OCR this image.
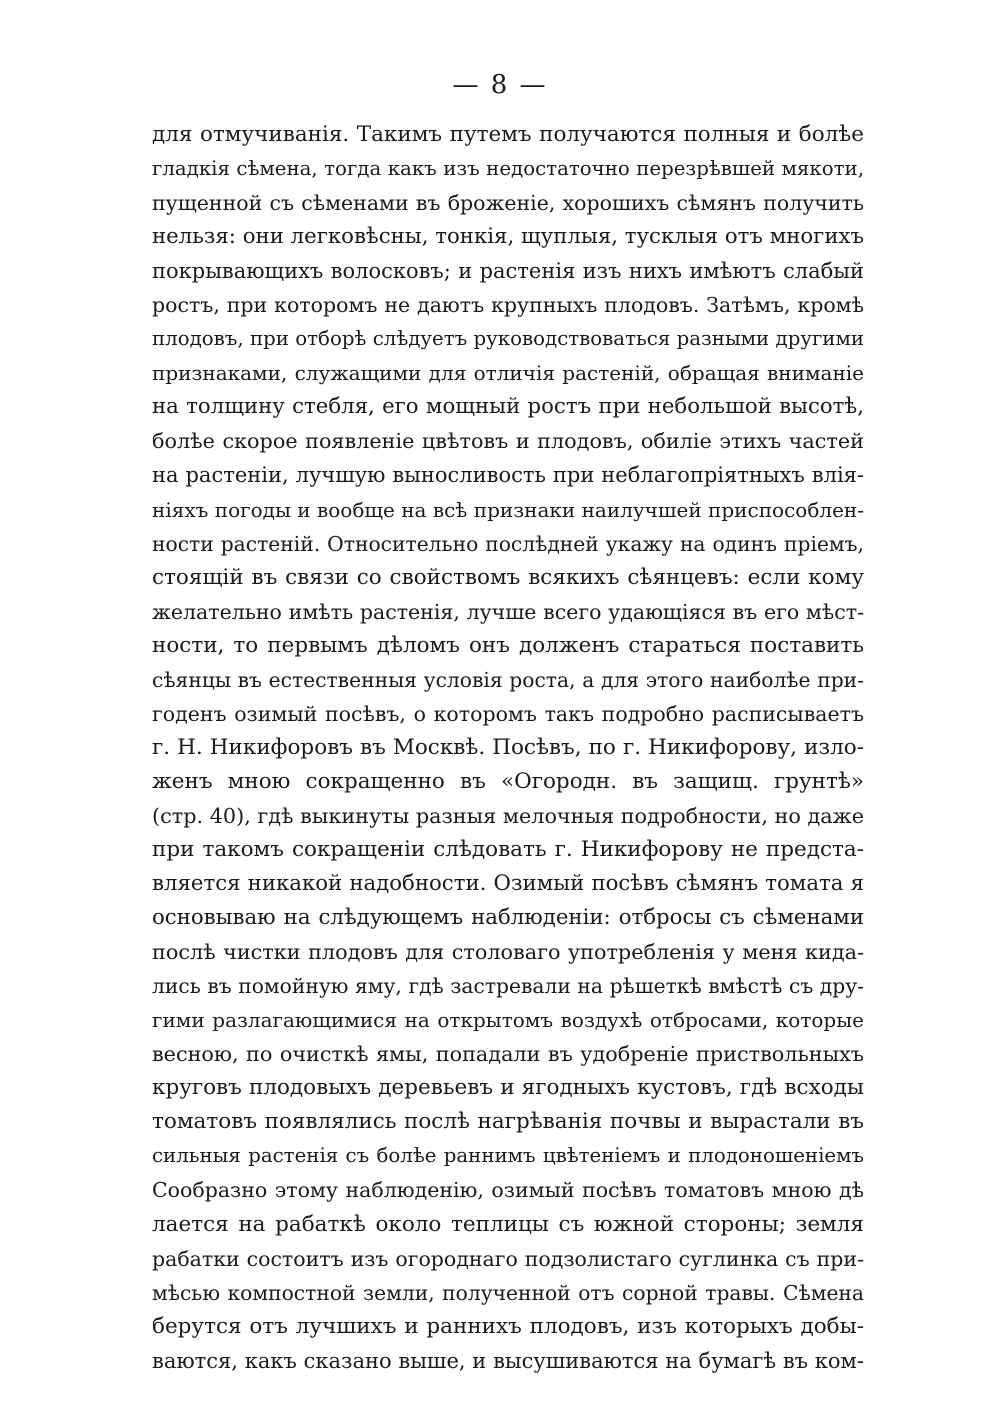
— 8 —
для отмучиванія. Такимъ путемъ получаются полныя и болѣе
гладкія сѣмена, тогда какъ изъ недостаточно перезрѣвшей мякоти,
пущенной съ сѣменами въ броженіе, хорошихъ сѣмянъ получить
нельзя: они легковѣсны, тонкія, щуплыя, тусклыя отъ многихъ
покрывающихъ волосковъ; и растенія изъ нихъ имѣютъ слабый
ростъ, при которомъ не даютъ крупныхъ плодовъ. Затѣмъ, кромѣ
плодовъ, при отборѣ слѣдуетъ руководствоваться разными другими
признаками, служащими для отличія растеній, обращая вниманіе
на толщину стебля, его мощный ростъ при небольшой высотѣ,
болѣе скорое появленіе цвѣтовъ и плодовъ, обиліе этихъ частей
на растеніи, лучшую выносливость при неблагопріятныхъ влія-
ніяхъ погоды и вообще на всѣ признаки наилучшей приспособлен-
ности растеній. Относительно послѣдней укажу на одинъ пріемъ,
стоящій въ связи со свойствомъ всякихъ сѣянцевъ: если кому
желательно имѣть растенія, лучше всего удающіяся въ его мѣст-
ности, то первымъ дѣломъ онъ долженъ стараться поставить
сѣянцы въ естественныя условія роста, а для этого наиболѣе при-
годенъ озимый посѣвъ, о которомъ такъ подробно расписываетъ
г. Н. Никифоровъ въ Москвѣ. Посѣвъ, по г. Никифорову, изло-
женъ мною сокращенно въ «Огородн. въ защищ. грунтѣ»
(стр. 40), гдѣ выкинуты разныя мелочныя подробности, но даже
при такомъ сокращеніи слѣдовать г. Никифорову не предста-
вляется никакой надобности. Озимый посѣвъ сѣмянъ томата я
основываю на слѣдующемъ наблюденіи: отбросы съ сѣменами
послѣ чистки плодовъ для столоваго употребленія у меня кида-
лись въ помойную яму, гдѣ застревали на рѣшеткѣ вмѣстѣ съ дру-
гими разлагающимися на открытомъ воздухѣ отбросами, которые
весною, по очисткѣ ямы, попадали въ удобреніе приствольныхъ
круговъ плодовыхъ деревьевъ и ягодныхъ кустовъ, гдѣ всходы
томатовъ появлялись послѣ нагрѣванія почвы и вырастали въ
сильныя растенія съ болѣе раннимъ цвѣтеніемъ и плодоношеніемъ
Сообразно этому наблюденію, озимый посѣвъ томатовъ мною дѣ
лается на рабаткѣ около теплицы съ южной стороны; земля
рабатки состоитъ изъ огороднаго подзолистаго суглинка съ при-
мѣсью компостной земли, полученной отъ сорной травы. Сѣмена
берутся отъ лучшихъ и раннихъ плодовъ, изъ которыхъ добы-
ваются, какъ сказано выше, и высушиваются на бумагѣ въ ком-
